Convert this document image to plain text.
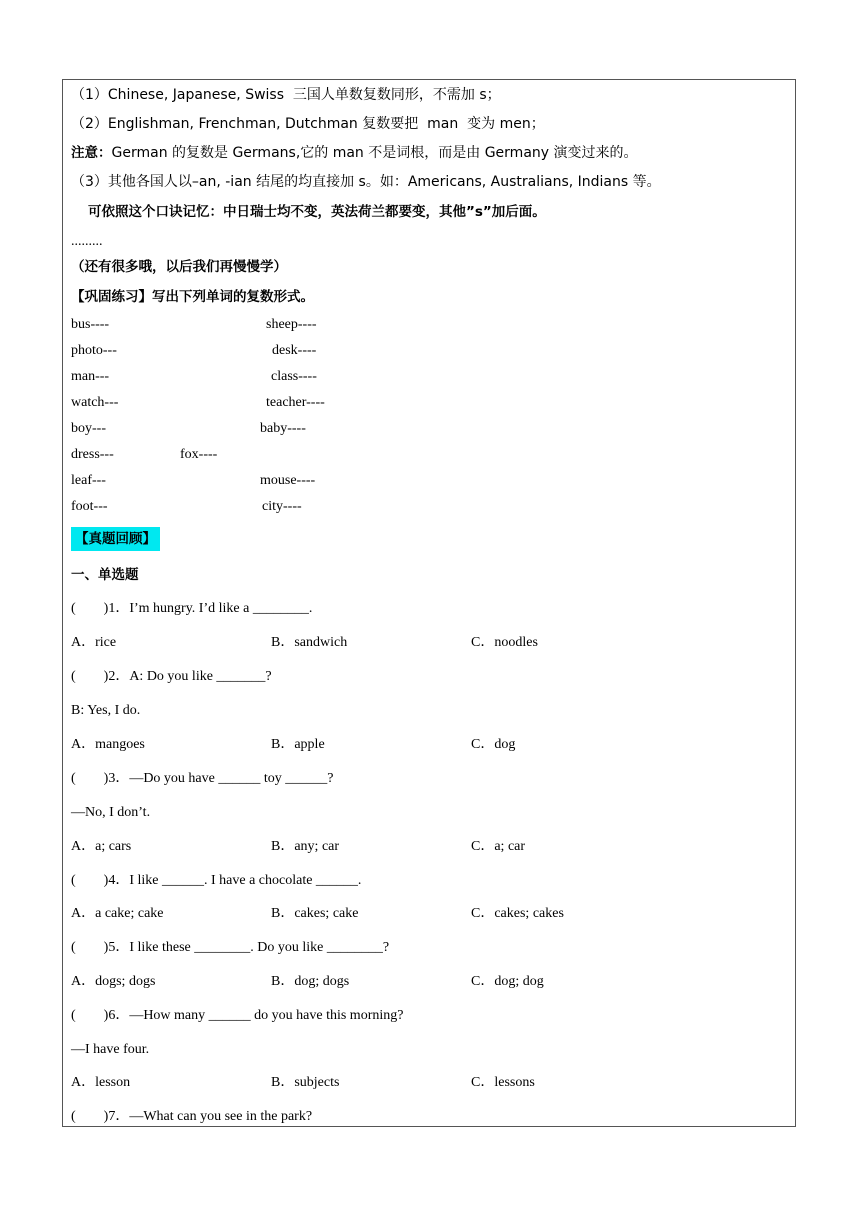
（1）Chinese, Japanese, Swiss  三国人单数复数同形，不需加 s；
（2）Englishman, Frenchman, Dutchman 复数要把  man  变为 men；
注意：German 的复数是 Germans,它的 man 不是词根，而是由 Germany 演变过来的。
（3）其他各国人以–an, -ian 结尾的均直接加 s。如：Americans, Australians, Indians 等。
可依照这个口诀记忆：中日瑞士均不变，英法荷兰都要变，其他”s”加后面。
.........
（还有很多哦，以后我们再慢慢学）
【巩固练习】写出下列单词的复数形式。
bus----	sheep----
photo---	desk----
man---	class----
watch---	teacher----
boy---	baby----
dress---	fox----
leaf---	mouse----
foot---	city----
【真题回顾】
一、单选题
(        )1．I’m hungry. I’d like a ________.
A．rice	B．sandwich	C．noodles
(        )2．A: Do you like _______?
B: Yes, I do.
A．mangoes	B．apple	C．dog
(        )3．—Do you have ______ toy ______?
—No, I don’t.
A．a; cars	B．any; car	C．a; car
(        )4．I like ______. I have a chocolate ______.
A．a cake; cake	B．cakes; cake	C．cakes; cakes
(        )5．I like these ________. Do you like ________?
A．dogs; dogs	B．dog; dogs	C．dog; dog
(        )6．—How many ______ do you have this morning?
—I have four.
A．lesson	B．subjects	C．lessons
(        )7．—What can you see in the park?
